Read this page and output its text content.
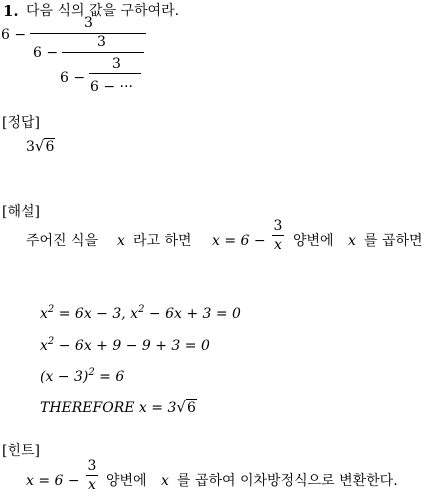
1. 다음 식의 값을 구하여라.
6 −
3
6 −
3
6 −
3
6 − ···
[정답]
3√6
[해설]
주어진 식을 x 라고 하면 x = 6 −
3
x 양변에 x 를 곱하면
$x^2 = 6x - 3$, $x^2 - 6x + 3 = 0$
$x^2 - 6x + 9 - 9 + 3 = 0$
$(x - 3)^2 = 6$
THEREFORE x = 3√6
[힌트]
x = 6 −
3
x 양변에 x 를 곱하여 이차방정식으로 변환한다.
